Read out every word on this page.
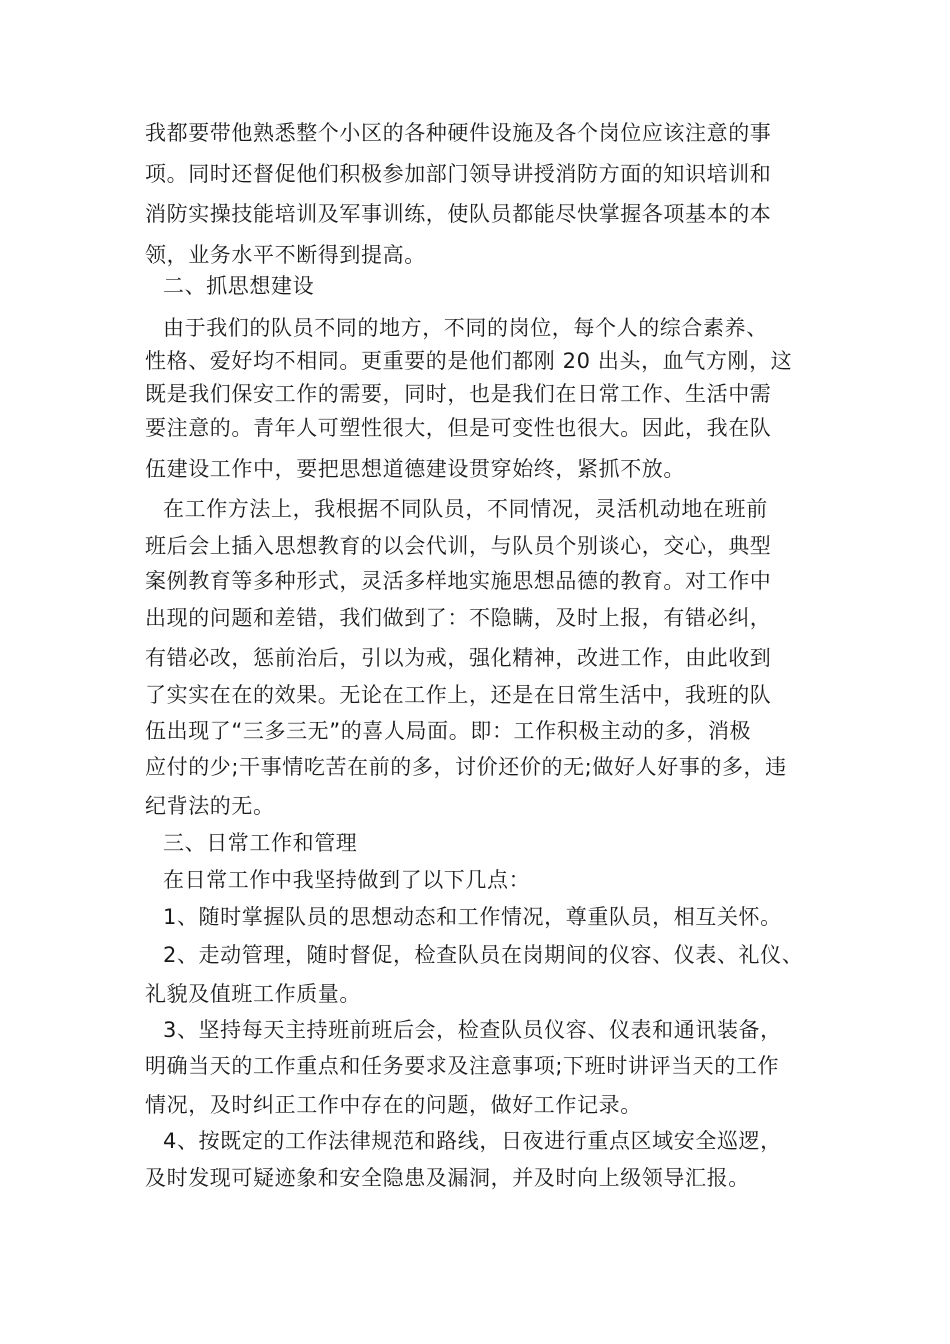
我都要带他熟悉整个小区的各种硬件设施及各个岗位应该注意的事
项。同时还督促他们积极参加部门领导讲授消防方面的知识培训和
消防实操技能培训及军事训练，使队员都能尽快掌握各项基本的本
领，业务水平不断得到提高。
二、抓思想建设
由于我们的队员不同的地方，不同的岗位，每个人的综合素养、
性格、爱好均不相同。更重要的是他们都刚 20 出头，血气方刚，这
既是我们保安工作的需要，同时，也是我们在日常工作、生活中需
要注意的。青年人可塑性很大，但是可变性也很大。因此，我在队
伍建设工作中，要把思想道德建设贯穿始终，紧抓不放。
在工作方法上，我根据不同队员，不同情况，灵活机动地在班前
班后会上插入思想教育的以会代训，与队员个别谈心，交心，典型
案例教育等多种形式，灵活多样地实施思想品德的教育。对工作中
出现的问题和差错，我们做到了：不隐瞒，及时上报，有错必纠，
有错必改，惩前治后，引以为戒，强化精神，改进工作，由此收到
了实实在在的效果。无论在工作上，还是在日常生活中，我班的队
伍出现了“三多三无”的喜人局面。即：工作积极主动的多，消极
应付的少;干事情吃苦在前的多，讨价还价的无;做好人好事的多，违
纪背法的无。
三、日常工作和管理
在日常工作中我坚持做到了以下几点：
1、随时掌握队员的思想动态和工作情况，尊重队员，相互关怀。
2、走动管理，随时督促，检查队员在岗期间的仪容、仪表、礼仪、
礼貌及值班工作质量。
3、坚持每天主持班前班后会，检查队员仪容、仪表和通讯装备，
明确当天的工作重点和任务要求及注意事项;下班时讲评当天的工作
情况，及时纠正工作中存在的问题，做好工作记录。
4、按既定的工作法律规范和路线，日夜进行重点区域安全巡逻，
及时发现可疑迹象和安全隐患及漏洞，并及时向上级领导汇报。
